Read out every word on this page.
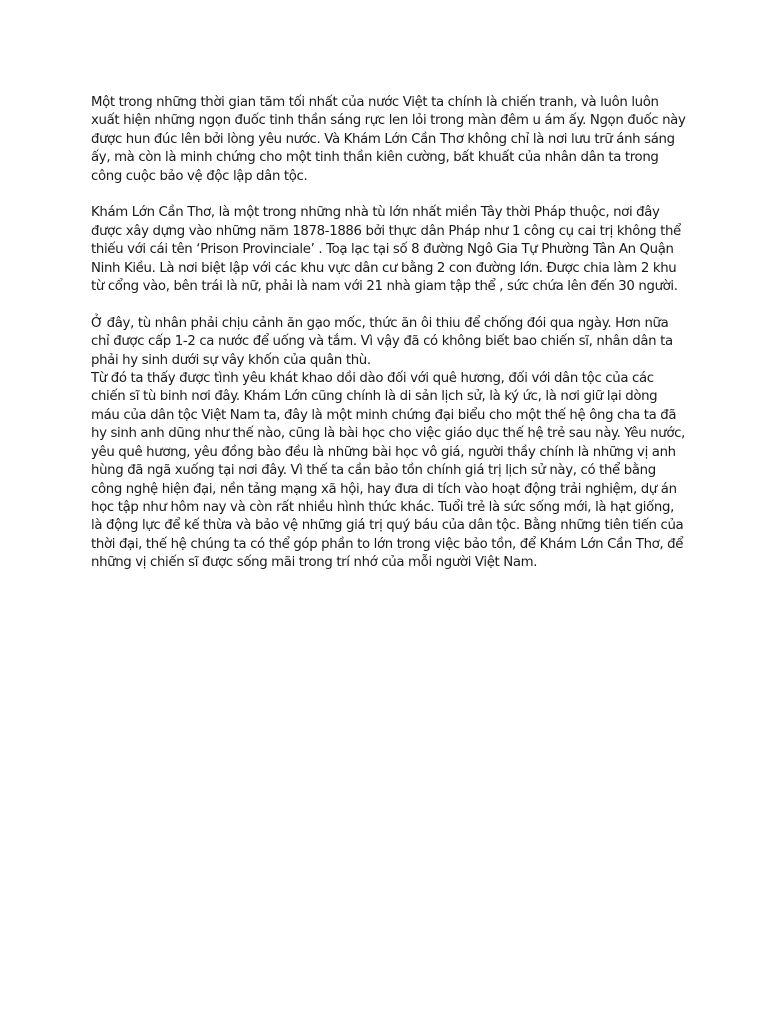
Một trong những thời gian tăm tối nhất của nước Việt ta chính là chiến tranh, và luôn luôn xuất hiện những ngọn đuốc tinh thần sáng rực len lỏi trong màn đêm u ám ấy. Ngọn đuốc này được hun đúc lên bởi lòng yêu nước. Và Khám Lớn Cần Thơ không chỉ là nơi lưu trữ ánh sáng ấy, mà còn là minh chứng cho một tinh thần kiên cường, bất khuất của nhân dân ta trong công cuộc bảo vệ độc lập dân tộc.

Khám Lớn Cần Thơ, là một trong những nhà tù lớn nhất miền Tây thời Pháp thuộc, nơi đây được xây dựng vào những năm 1878-1886 bởi thực dân Pháp như 1 công cụ cai trị không thể thiếu với cái tên ‘Prison Provinciale’ . Toạ lạc tại số 8 đường Ngô Gia Tự Phường Tân An Quận Ninh Kiều. Là nơi biệt lập với các khu vực dân cư bằng 2 con đường lớn. Được chia làm 2 khu từ cổng vào, bên trái là nữ, phải là nam với 21 nhà giam tập thể , sức chứa lên đến 30 người.

Ở đây, tù nhân phải chịu cảnh ăn gạo mốc, thức ăn ôi thiu để chống đói qua ngày. Hơn nữa chỉ được cấp 1-2 ca nước để uống và tắm. Vì vậy đã có không biết bao chiến sĩ, nhân dân ta phải hy sinh dưới sự vây khốn của quân thù.

Từ đó ta thấy được tình yêu khát khao dồi dào đối với quê hương, đối với dân tộc của các chiến sĩ tù binh nơi đây. Khám Lớn cũng chính là di sản lịch sử, là ký ức, là nơi giữ lại dòng máu của dân tộc Việt Nam ta, đây là một minh chứng đại biểu cho một thế hệ ông cha ta đã hy sinh anh dũng như thế nào, cũng là bài học cho việc giáo dục thế hệ trẻ sau này. Yêu nước, yêu quê hương, yêu đồng bào đều là những bài học vô giá, người thầy chính là những vị anh hùng đã ngã xuống tại nơi đây. Vì thế ta cần bảo tồn chính giá trị lịch sử này, có thể bằng công nghệ hiện đại, nền tảng mạng xã hội, hay đưa di tích vào hoạt động trải nghiệm, dự án học tập như hôm nay và còn rất nhiều hình thức khác. Tuổi trẻ là sức sống mới, là hạt giống, là động lực để kế thừa và bảo vệ những giá trị quý báu của dân tộc. Bằng những tiên tiến của thời đại, thế hệ chúng ta có thể góp phần to lớn trong việc bảo tồn, để Khám Lớn Cần Thơ, để những vị chiến sĩ được sống mãi trong trí nhớ của mỗi người Việt Nam.
